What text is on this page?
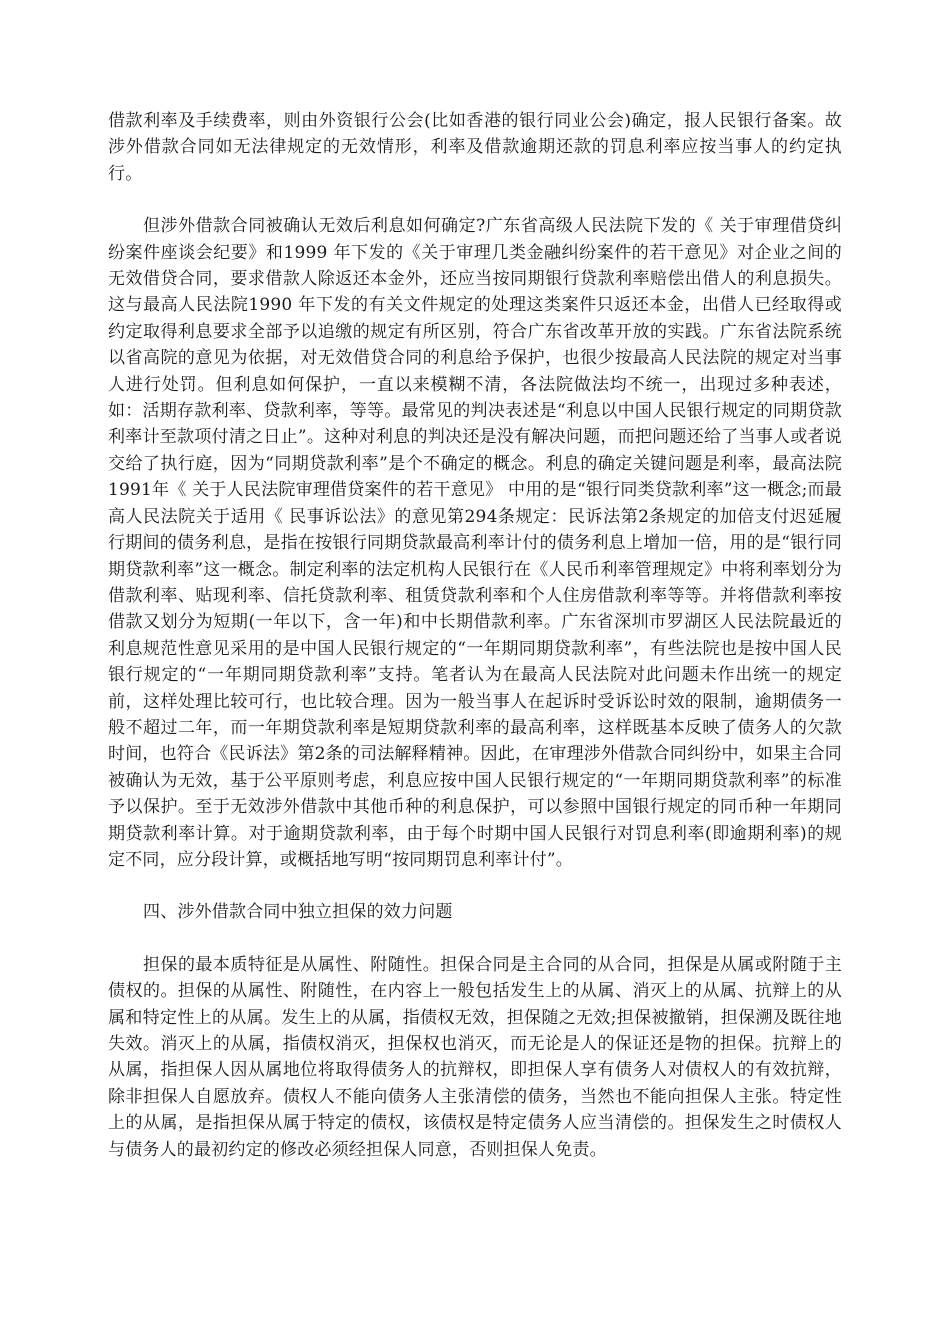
借款利率及手续费率，则由外资银行公会(比如香港的银行同业公会)确定，报人民银行备案。故涉外借款合同如无法律规定的无效情形，利率及借款逾期还款的罚息利率应按当事人的约定执行。

但涉外借款合同被确认无效后利息如何确定?广东省高级人民法院下发的《 关于审理借贷纠纷案件座谈会纪要》和1999 年下发的《关于审理几类金融纠纷案件的若干意见》对企业之间的无效借贷合同，要求借款人除返还本金外，还应当按同期银行贷款利率赔偿出借人的利息损失。这与最高人民法院1990 年下发的有关文件规定的处理这类案件只返还本金，出借人已经取得或约定取得利息要求全部予以追缴的规定有所区别，符合广东省改革开放的实践。广东省法院系统以省高院的意见为依据，对无效借贷合同的利息给予保护，也很少按最高人民法院的规定对当事人进行处罚。但利息如何保护，一直以来模糊不清，各法院做法均不统一，出现过多种表述，如：活期存款利率、贷款利率，等等。最常见的判决表述是“利息以中国人民银行规定的同期贷款利率计至款项付清之日止”。这种对利息的判决还是没有解决问题，而把问题还给了当事人或者说交给了执行庭，因为“同期贷款利率”是个不确定的概念。利息的确定关键问题是利率，最高法院1991年《 关于人民法院审理借贷案件的若干意见》 中用的是“银行同类贷款利率”这一概念;而最高人民法院关于适用《 民事诉讼法》的意见第294条规定：民诉法第2条规定的加倍支付迟延履行期间的债务利息，是指在按银行同期贷款最高利率计付的债务利息上增加一倍，用的是“银行同期贷款利率”这一概念。制定利率的法定机构人民银行在《人民币利率管理规定》中将利率划分为借款利率、贴现利率、信托贷款利率、租赁贷款利率和个人住房借款利率等等。并将借款利率按借款又划分为短期(一年以下，含一年)和中长期借款利率。广东省深圳市罗湖区人民法院最近的利息规范性意见采用的是中国人民银行规定的“一年期同期贷款利率”，有些法院也是按中国人民银行规定的“一年期同期贷款利率”支持。笔者认为在最高人民法院对此问题未作出统一的规定前，这样处理比较可行，也比较合理。因为一般当事人在起诉时受诉讼时效的限制，逾期债务一般不超过二年，而一年期贷款利率是短期贷款利率的最高利率，这样既基本反映了债务人的欠款时间，也符合《民诉法》第2条的司法解释精神。因此，在审理涉外借款合同纠纷中，如果主合同被确认为无效，基于公平原则考虑，利息应按中国人民银行规定的“一年期同期贷款利率”的标准予以保护。至于无效涉外借款中其他币种的利息保护，可以参照中国银行规定的同币种一年期同期贷款利率计算。对于逾期贷款利率，由于每个时期中国人民银行对罚息利率(即逾期利率)的规定不同，应分段计算，或概括地写明“按同期罚息利率计付”。

四、涉外借款合同中独立担保的效力问题

担保的最本质特征是从属性、附随性。担保合同是主合同的从合同，担保是从属或附随于主债权的。担保的从属性、附随性，在内容上一般包括发生上的从属、消灭上的从属、抗辩上的从属和特定性上的从属。发生上的从属，指债权无效，担保随之无效;担保被撤销，担保溯及既往地失效。消灭上的从属，指债权消灭，担保权也消灭，而无论是人的保证还是物的担保。抗辩上的从属，指担保人因从属地位将取得债务人的抗辩权，即担保人享有债务人对债权人的有效抗辩，除非担保人自愿放弃。债权人不能向债务人主张清偿的债务，当然也不能向担保人主张。特定性上的从属，是指担保从属于特定的债权，该债权是特定债务人应当清偿的。担保发生之时债权人与债务人的最初约定的修改必须经担保人同意，否则担保人免责。
